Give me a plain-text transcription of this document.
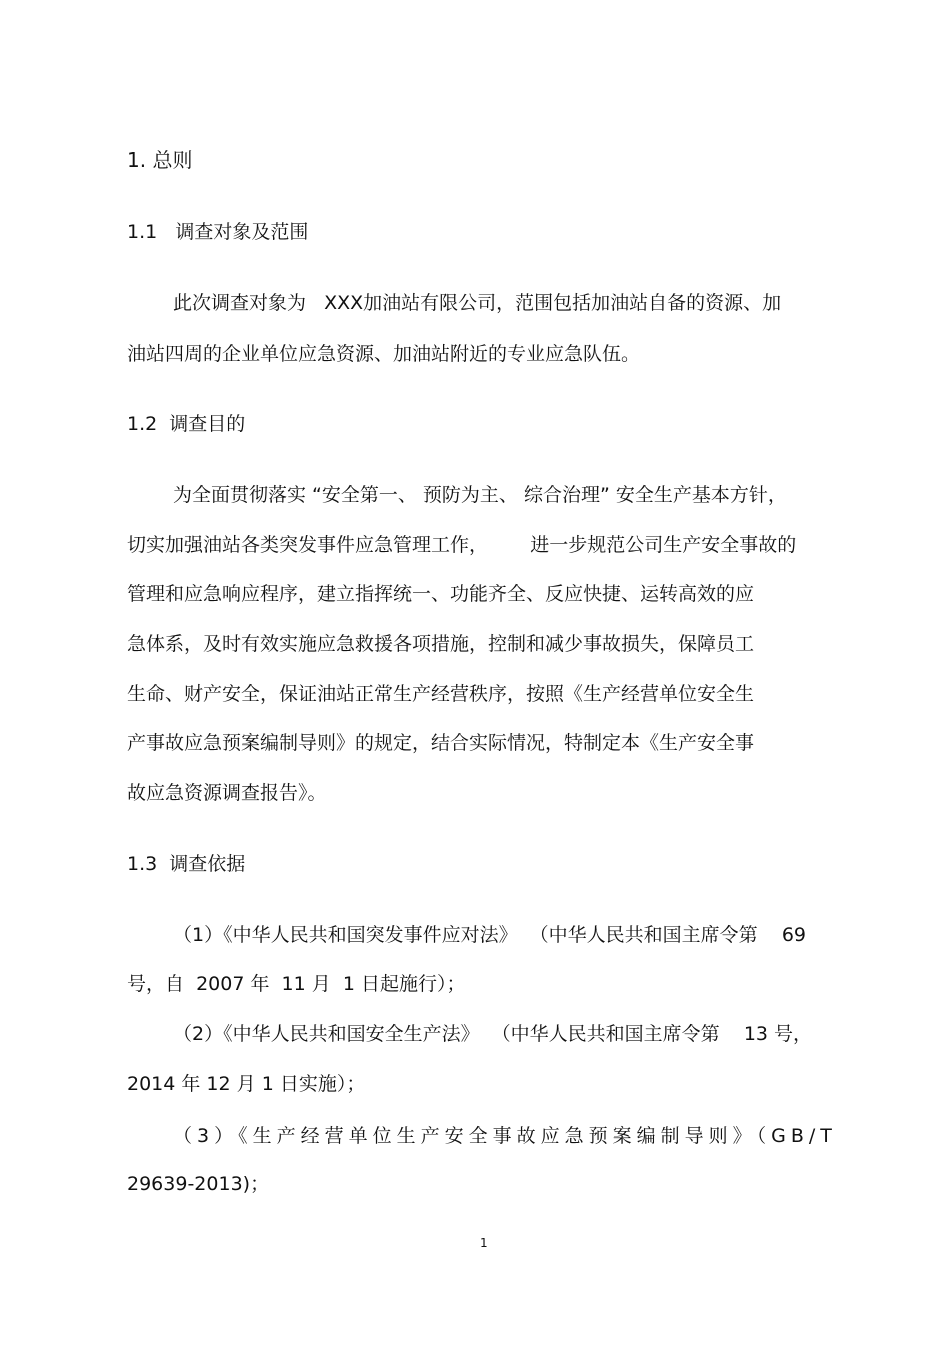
1. 总则
1.1   调查对象及范围
此次调查对象为   XXX加油站有限公司，范围包括加油站自备的资源、加
油站四周的企业单位应急资源、加油站附近的专业应急队伍。
1.2  调查目的
为全面贯彻落实 “安全第一、 预防为主、 综合治理” 安全生产基本方针，
切实加强油站各类突发事件应急管理工作，       进一步规范公司生产安全事故的
管理和应急响应程序，建立指挥统一、功能齐全、反应快捷、运转高效的应
急体系，及时有效实施应急救援各项措施，控制和减少事故损失，保障员工
生命、财产安全，保证油站正常生产经营秩序，按照《生产经营单位安全生
产事故应急预案编制导则》的规定，结合实际情况，特制定本《生产安全事
故应急资源调查报告》。
1.3  调查依据
（1）《中华人民共和国突发事件应对法》  （中华人民共和国主席令第    69
号，自  2007 年  11 月  1 日起施行）；
（2）《中华人民共和国安全生产法》  （中华人民共和国主席令第    13 号，
2014 年 12 月 1 日实施）；
（3）《生产经营单位生产安全事故应急预案编制导则》（GB/T
29639-2013)；
1
